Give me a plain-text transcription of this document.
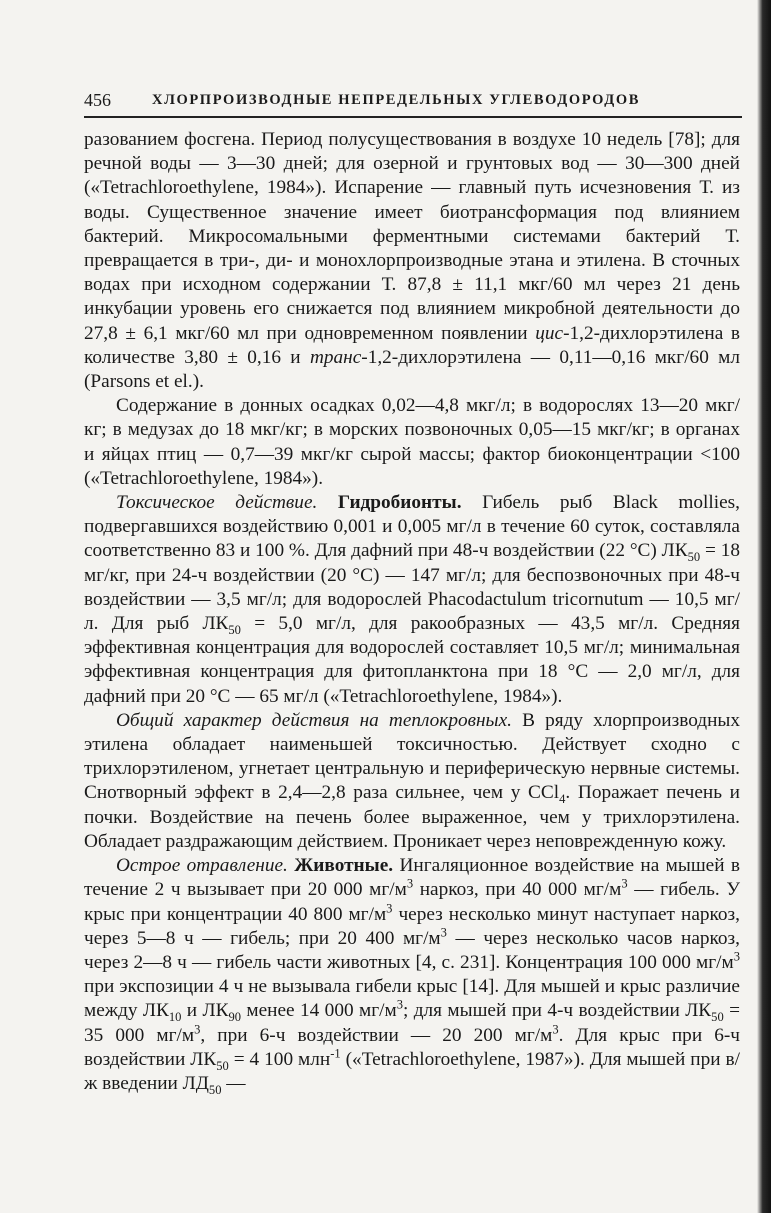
456	ХЛОРПРОИЗВОДНЫЕ НЕПРЕДЕЛЬНЫХ УГЛЕВОДОРОДОВ

разованием фосгена. Период полусуществования в воздухе 10 недель [78]; для речной воды — 3—30 дней; для озерной и грунтовых вод — 30—300 дней («Tetrachloroethylene, 1984»). Испарение — главный путь исчезновения Т. из воды. Существенное значение имеет биотрансформация под влиянием бактерий. Микросомальными ферментными системами бактерий Т. превращается в три-, ди- и монохлорпроизводные этана и этилена. В сточных водах при исходном содержании Т. 87,8 ± 11,1 мкг/60 мл через 21 день инкубации уровень его снижается под влиянием микробной деятельности до 27,8 ± 6,1 мкг/60 мл при одновременном появлении цис-1,2-дихлорэтилена в количестве 3,80 ± 0,16 и транс-1,2-дихлорэтилена — 0,11—0,16 мкг/60 мл (Parsons et el.).

Содержание в донных осадках 0,02—4,8 мкг/л; в водорослях 13—20 мкг/кг; в медузах до 18 мкг/кг; в морских позвоночных 0,05—15 мкг/кг; в органах и яйцах птиц — 0,7—39 мкг/кг сырой массы; фактор биоконцентрации <100 («Tetrachloroethylene, 1984»).

Токсическое действие. Гидробионты. Гибель рыб Black mollies, подвергавшихся воздействию 0,001 и 0,005 мг/л в течение 60 суток, составляла соответственно 83 и 100 %. Для дафний при 48-ч воздействии (22 °С) $ЛК_{50} = 18$ мг/кг, при 24-ч воздействии (20 °С) — 147 мг/л; для беспозвоночных при 48-ч воздействии — 3,5 мг/л; для водорослей Phacodactulum tricornutum — 10,5 мг/л. Для рыб $ЛК_{50} = 5,0$ мг/л, для ракообразных — 43,5 мг/л. Средняя эффективная концентрация для водорослей составляет 10,5 мг/л; минимальная эффективная концентрация для фитопланктона при 18 °С — 2,0 мг/л, для дафний при 20 °С — 65 мг/л («Tetrachloroethylene, 1984»).

Общий характер действия на теплокровных. В ряду хлорпроизводных этилена обладает наименьшей токсичностью. Действует сходно с трихлорэтиленом, угнетает центральную и периферическую нервные системы. Снотворный эффект в 2,4—2,8 раза сильнее, чем у CCl$_4$. Поражает печень и почки. Воздействие на печень более выраженное, чем у трихлорэтилена. Обладает раздражающим действием. Проникает через неповрежденную кожу.

Острое отравление. Животные. Ингаляционное воздействие на мышей в течение 2 ч вызывает при 20 000 $мг/м^3$ наркоз, при 40 000 $мг/м^3$ — гибель. У крыс при концентрации 40 800 $мг/м^3$ через несколько минут наступает наркоз, через 5—8 ч — гибель; при 20 400 $мг/м^3$ — через несколько часов наркоз, через 2—8 ч — гибель части животных [4, с. 231]. Концентрация 100 000 $мг/м^3$ при экспозиции 4 ч не вызывала гибели крыс [14]. Для мышей и крыс различие между $ЛК_{10}$ и $ЛК_{90}$ менее 14 000 $мг/м^3$; для мышей при 4-ч воздействии $ЛК_{50} = 35$ 000 $мг/м^3$, при 6-ч воздействии — 20 200 $мг/м^3$. Для крыс при 6-ч воздействии $ЛК_{50} = 4$ 100 млн$^{-1}$ («Tetrachloroethylene, 1987»). Для мышей при в/ж введении $ЛД_{50}$ —
